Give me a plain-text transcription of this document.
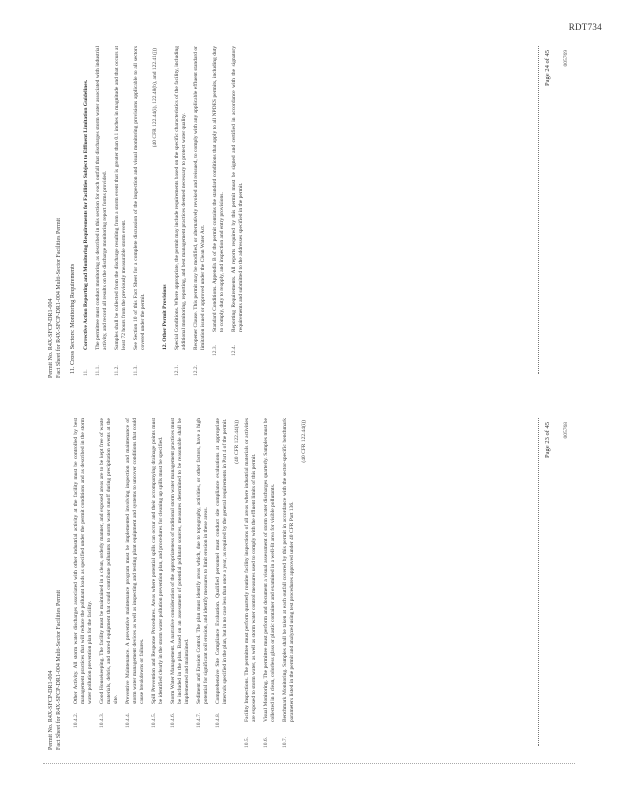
RDT734
Permit No. R4X-SFCP-DR1-004 Fact Sheet for R4X-SFCP-DR1-004 Multi-Sector Facilities Permit 10.4.2.
Other Activity. All storm water discharges associated with other industrial activity at the facility must be controlled by best management practices that will reduce the pollutant loads as specified under the permit conditions and as described in the storm water pollution prevention plan for the facility.
10.4.3.
Good Housekeeping. The facility must be maintained in a clean, orderly manner, and exposed areas are to be kept free of waste materials, debris, and stored equipment that could contribute pollutants to storm water runoff during precipitation events at the site.
10.4.4.
Preventive Maintenance. A preventive maintenance program must be implemented involving inspection and maintenance of storm water management devices as well as inspecting and testing plant equipment and systems to uncover conditions that could cause breakdowns or failures.
10.4.5.
Spill Prevention and Response Procedures. Areas where potential spills can occur and their accompanying drainage points must be identified clearly in the storm water pollution prevention plan, and procedures for cleaning up spills must be specified.
10.4.6.
Storm Water Management. A narrative consideration of the appropriateness of traditional storm water management practices must be included in the plan. Based on an assessment of potential pollutant sources, measures determined to be reasonable shall be implemented and maintained.
10.4.7.
Sediment and Erosion Control. The plan must identify areas which, due to topography, activities, or other factors, have a high potential for significant soil erosion, and identify measures to limit erosion in these areas.
10.4.8.
Comprehensive Site Compliance Evaluation. Qualified personnel must conduct site compliance evaluations at appropriate intervals specified in the plan, but in no case less than once a year, as required by the general requirements in Part 4 of the permit. (40 CFR 122.44(k))
10.5.
Facility Inspections. The permittee must perform quarterly routine facility inspections of all areas where industrial materials or activities are exposed to storm water, as well as storm water control measures used to comply with the effluent limits of this permit.
10.6.
Visual Monitoring. The permittee must perform and document a visual assessment of storm water discharges quarterly. Samples must be collected in a clean, colorless glass or plastic container and examined in a well-lit area for visible pollutants.
10.7.
Benchmark Monitoring. Samples shall be taken at each outfall covered by this permit in accordance with the sector-specific benchmark parameters listed in the permit and analyzed using test procedures approved under 40 CFR Part 136.
(40 CFR 122.44(i))	Page 23 of 45 005768
Permit No. R4X-SFCP-DR1-004 Fact Sheet for R4X-SFCP-DR1-004 Multi-Sector Facilities Permit 11. Cross Sectors: Monitoring Requirements 11.
Corrective Action Reporting and Monitoring Requirements for Facilities Subject to Effluent Limitation Guidelines.
11.1.
The permittee must conduct monitoring as described in this section for each outfall that discharges storm water associated with industrial activity, and record all results on the discharge monitoring report forms provided.
11.2.
Samples shall be collected from the discharge resulting from a storm event that is greater than 0.1 inches in magnitude and that occurs at least 72 hours from the previously measurable storm event.
11.3.
See Section 10 of this Fact Sheet for a complete discussion of the inspection and visual monitoring provisions applicable to all sectors covered under the permit.
(40 CFR 122.44(i), 122.48(b), and 122.41(j))
12. Other Permit Provisions
12.1.
Special Conditions. Where appropriate, the permit may include requirements based on the specific characteristics of the facility, including additional monitoring, reporting, and best management practices deemed necessary to protect water quality.
12.2.
Reopener Clause. This permit may be modified, or alternatively revoked and reissued, to comply with any applicable effluent standard or limitation issued or approved under the Clean Water Act.
12.3.
Standard Conditions. Appendix B of the permit contains the standard conditions that apply to all NPDES permits, including duty to comply, duty to reapply, and inspection and entry provisions.
12.4.
Reporting Requirements. All reports required by this permit must be signed and certified in accordance with the signatory requirements and submitted to the addresses specified in the permit.
Page 24 of 45 005769
